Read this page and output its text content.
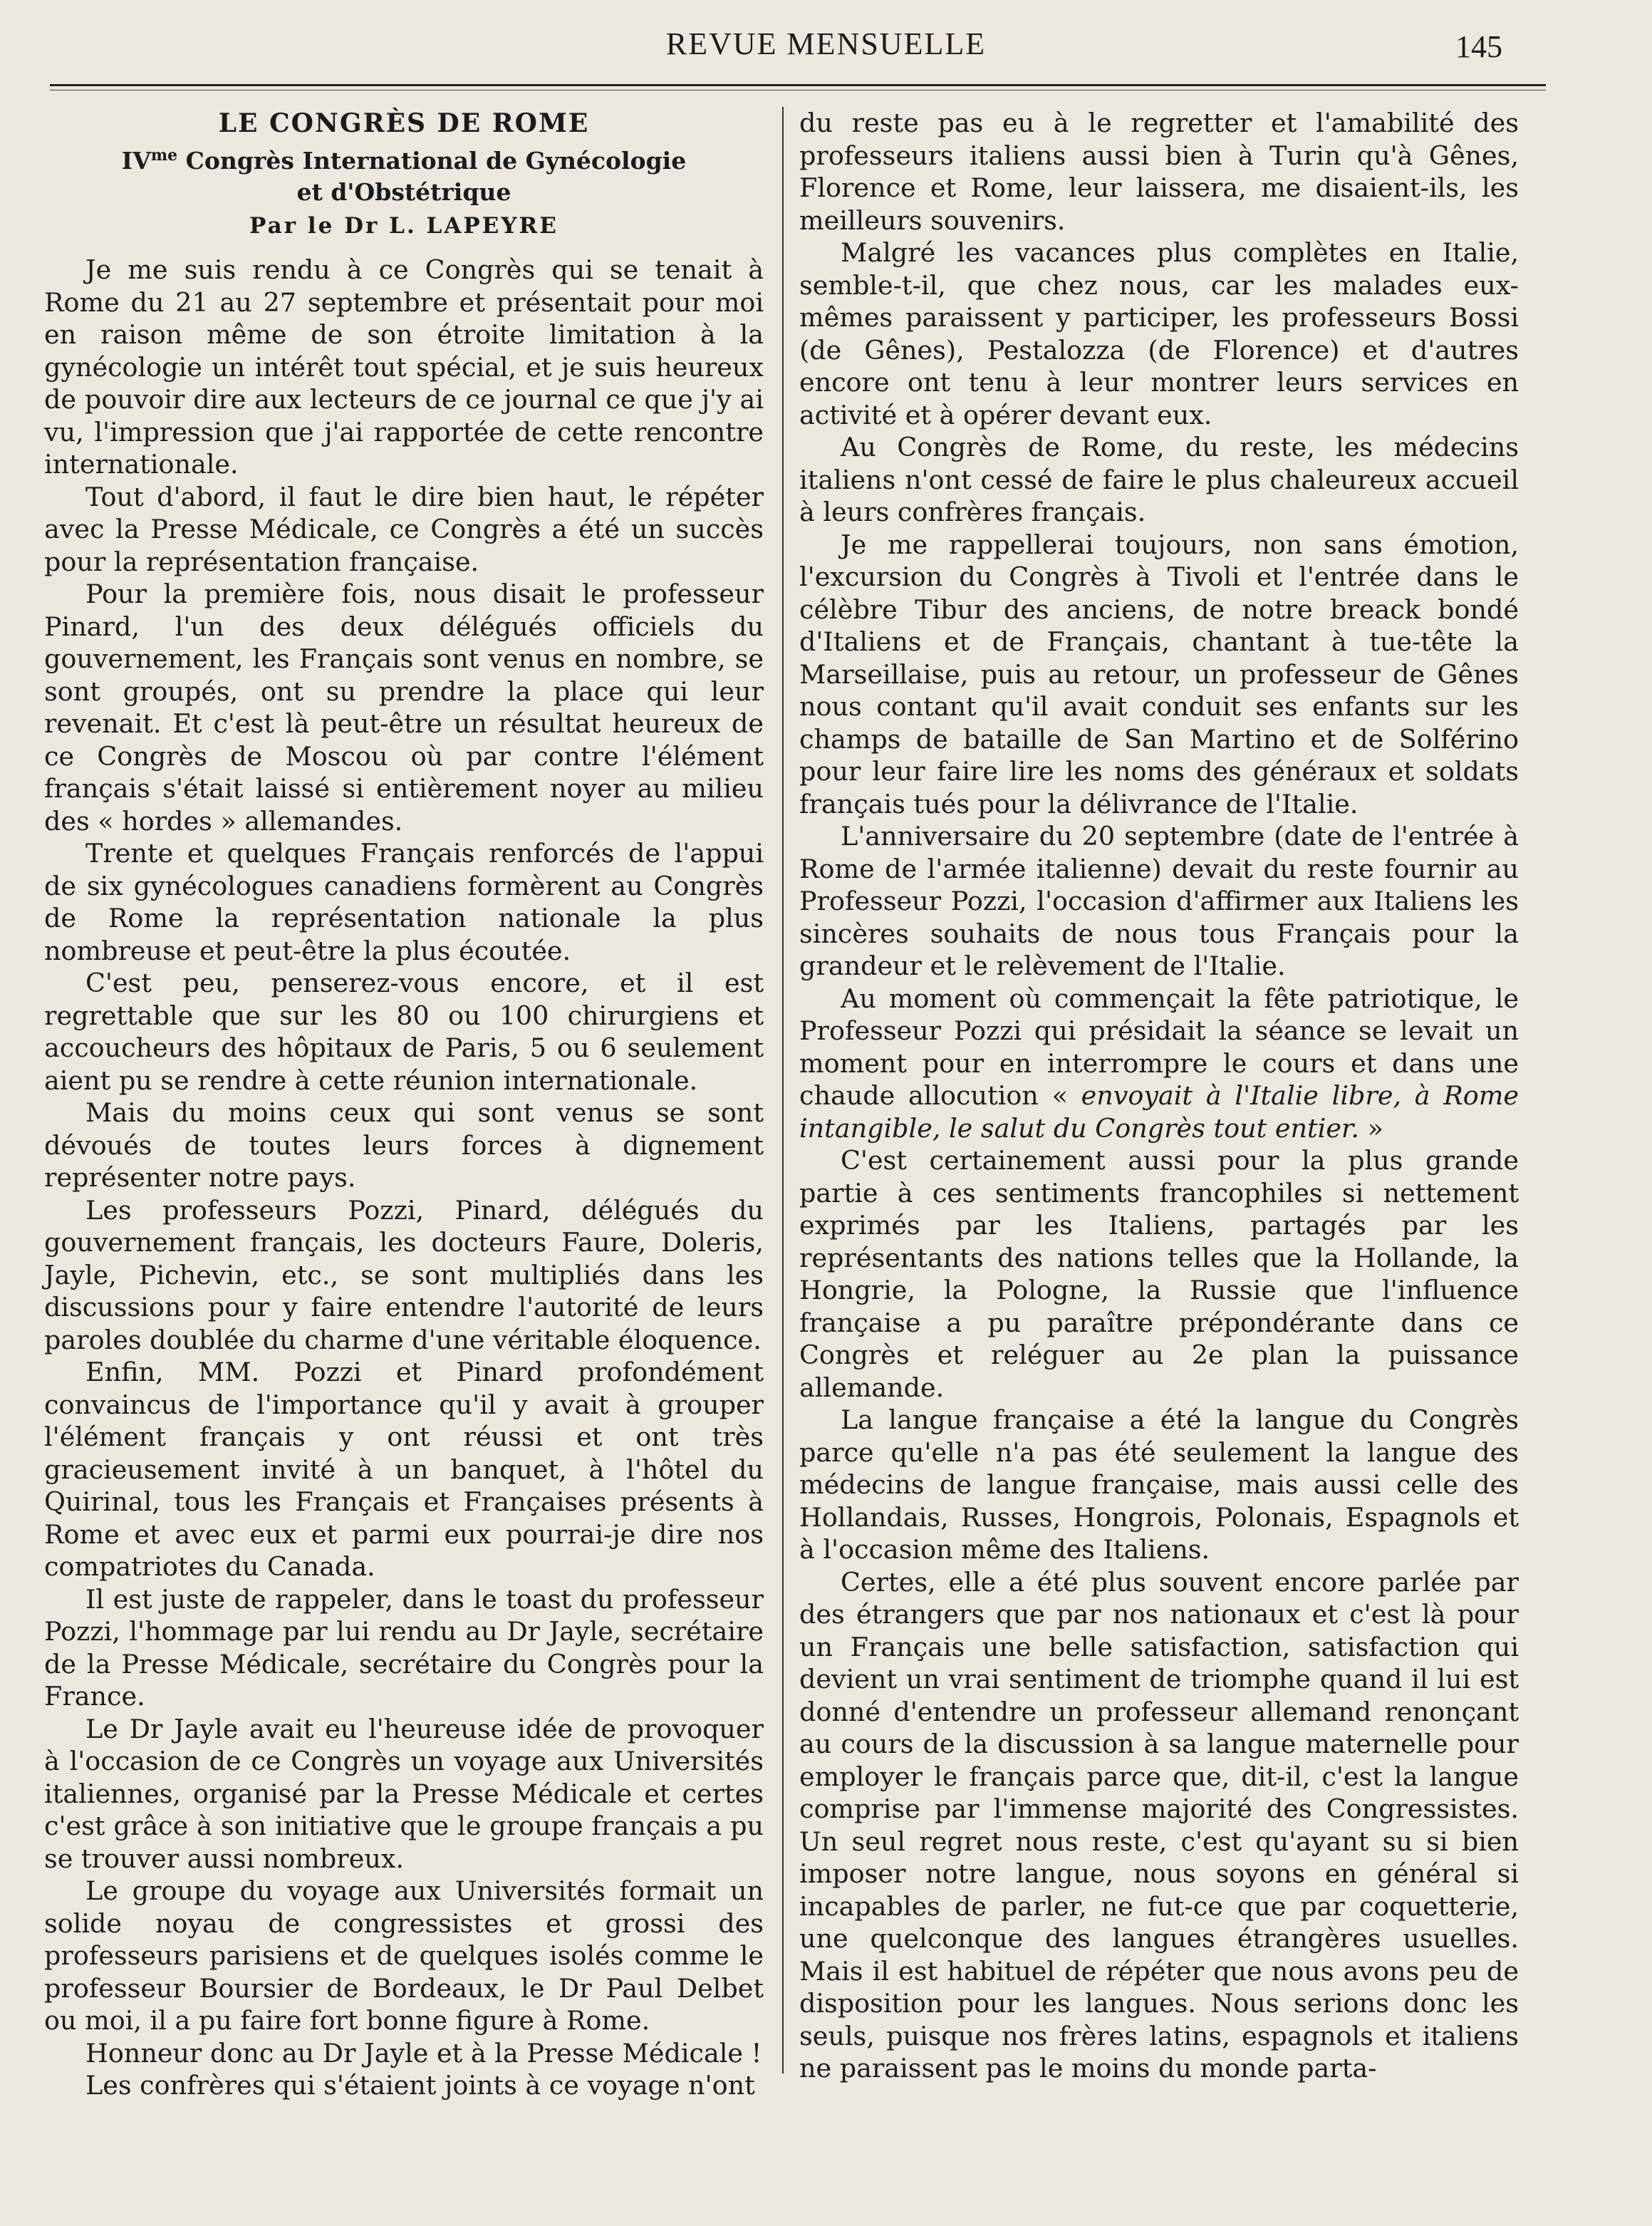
REVUE MENSUELLE	145
LE CONGRÈS DE ROME
$IV^{me}$ Congrès International de Gynécologie
et d'Obstétrique
Par le Dr L. LAPEYRE

Je me suis rendu à ce Congrès qui se tenait à Rome du 21 au 27 septembre et présentait pour moi en raison même de son étroite limitation à la gynécologie un intérêt tout spécial, et je suis heureux de pouvoir dire aux lecteurs de ce journal ce que j'y ai vu, l'impression que j'ai rapportée de cette rencontre internationale.

Tout d'abord, il faut le dire bien haut, le répéter avec la Presse Médicale, ce Congrès a été un succès pour la représentation française.

Pour la première fois, nous disait le professeur Pinard, l'un des deux délégués officiels du gouvernement, les Français sont venus en nombre, se sont groupés, ont su prendre la place qui leur revenait. Et c'est là peut-être un résultat heureux de ce Congrès de Moscou où par contre l'élément français s'était laissé si entièrement noyer au milieu des « hordes » allemandes.

Trente et quelques Français renforcés de l'appui de six gynécologues canadiens formèrent au Congrès de Rome la représentation nationale la plus nombreuse et peut-être la plus écoutée.

C'est peu, penserez-vous encore, et il est regrettable que sur les 80 ou 100 chirurgiens et accoucheurs des hôpitaux de Paris, 5 ou 6 seulement aient pu se rendre à cette réunion internationale.

Mais du moins ceux qui sont venus se sont dévoués de toutes leurs forces à dignement représenter notre pays.

Les professeurs Pozzi, Pinard, délégués du gouvernement français, les docteurs Faure, Doleris, Jayle, Pichevin, etc., se sont multipliés dans les discussions pour y faire entendre l'autorité de leurs paroles doublée du charme d'une véritable éloquence.

Enfin, MM. Pozzi et Pinard profondément convaincus de l'importance qu'il y avait à grouper l'élément français y ont réussi et ont très gracieusement invité à un banquet, à l'hôtel du Quirinal, tous les Français et Françaises présents à Rome et avec eux et parmi eux pourrai-je dire nos compatriotes du Canada.

Il est juste de rappeler, dans le toast du professeur Pozzi, l'hommage par lui rendu au Dr Jayle, secrétaire de la Presse Médicale, secrétaire du Congrès pour la France.

Le Dr Jayle avait eu l'heureuse idée de provoquer à l'occasion de ce Congrès un voyage aux Universités italiennes, organisé par la Presse Médicale et certes c'est grâce à son initiative que le groupe français a pu se trouver aussi nombreux.

Le groupe du voyage aux Universités formait un solide noyau de congressistes et grossi des professeurs parisiens et de quelques isolés comme le professeur Boursier de Bordeaux, le Dr Paul Delbet ou moi, il a pu faire fort bonne figure à Rome.

Honneur donc au Dr Jayle et à la Presse Médicale !

Les confrères qui s'étaient joints à ce voyage n'ont

du reste pas eu à le regretter et l'amabilité des professeurs italiens aussi bien à Turin qu'à Gênes, Florence et Rome, leur laissera, me disaient-ils, les meilleurs souvenirs.

Malgré les vacances plus complètes en Italie, semble-t-il, que chez nous, car les malades eux-mêmes paraissent y participer, les professeurs Bossi (de Gênes), Pestalozza (de Florence) et d'autres encore ont tenu à leur montrer leurs services en activité et à opérer devant eux.

Au Congrès de Rome, du reste, les médecins italiens n'ont cessé de faire le plus chaleureux accueil à leurs confrères français.

Je me rappellerai toujours, non sans émotion, l'excursion du Congrès à Tivoli et l'entrée dans le célèbre Tibur des anciens, de notre breack bondé d'Italiens et de Français, chantant à tue-tête la Marseillaise, puis au retour, un professeur de Gênes nous contant qu'il avait conduit ses enfants sur les champs de bataille de San Martino et de Solférino pour leur faire lire les noms des généraux et soldats français tués pour la délivrance de l'Italie.

L'anniversaire du 20 septembre (date de l'entrée à Rome de l'armée italienne) devait du reste fournir au Professeur Pozzi, l'occasion d'affirmer aux Italiens les sincères souhaits de nous tous Français pour la grandeur et le relèvement de l'Italie.

Au moment où commençait la fête patriotique, le Professeur Pozzi qui présidait la séance se levait un moment pour en interrompre le cours et dans une chaude allocution « envoyait à l'Italie libre, à Rome intangible, le salut du Congrès tout entier. »

C'est certainement aussi pour la plus grande partie à ces sentiments francophiles si nettement exprimés par les Italiens, partagés par les représentants des nations telles que la Hollande, la Hongrie, la Pologne, la Russie que l'influence française a pu paraître prépondérante dans ce Congrès et reléguer au 2e plan la puissance allemande.

La langue française a été la langue du Congrès parce qu'elle n'a pas été seulement la langue des médecins de langue française, mais aussi celle des Hollandais, Russes, Hongrois, Polonais, Espagnols et à l'occasion même des Italiens.

Certes, elle a été plus souvent encore parlée par des étrangers que par nos nationaux et c'est là pour un Français une belle satisfaction, satisfaction qui devient un vrai sentiment de triomphe quand il lui est donné d'entendre un professeur allemand renonçant au cours de la discussion à sa langue maternelle pour employer le français parce que, dit-il, c'est la langue comprise par l'immense majorité des Congressistes. Un seul regret nous reste, c'est qu'ayant su si bien imposer notre langue, nous soyons en général si incapables de parler, ne fut-ce que par coquetterie, une quelconque des langues étrangères usuelles. Mais il est habituel de répéter que nous avons peu de disposition pour les langues. Nous serions donc les seuls, puisque nos frères latins, espagnols et italiens ne paraissent pas le moins du monde parta-
